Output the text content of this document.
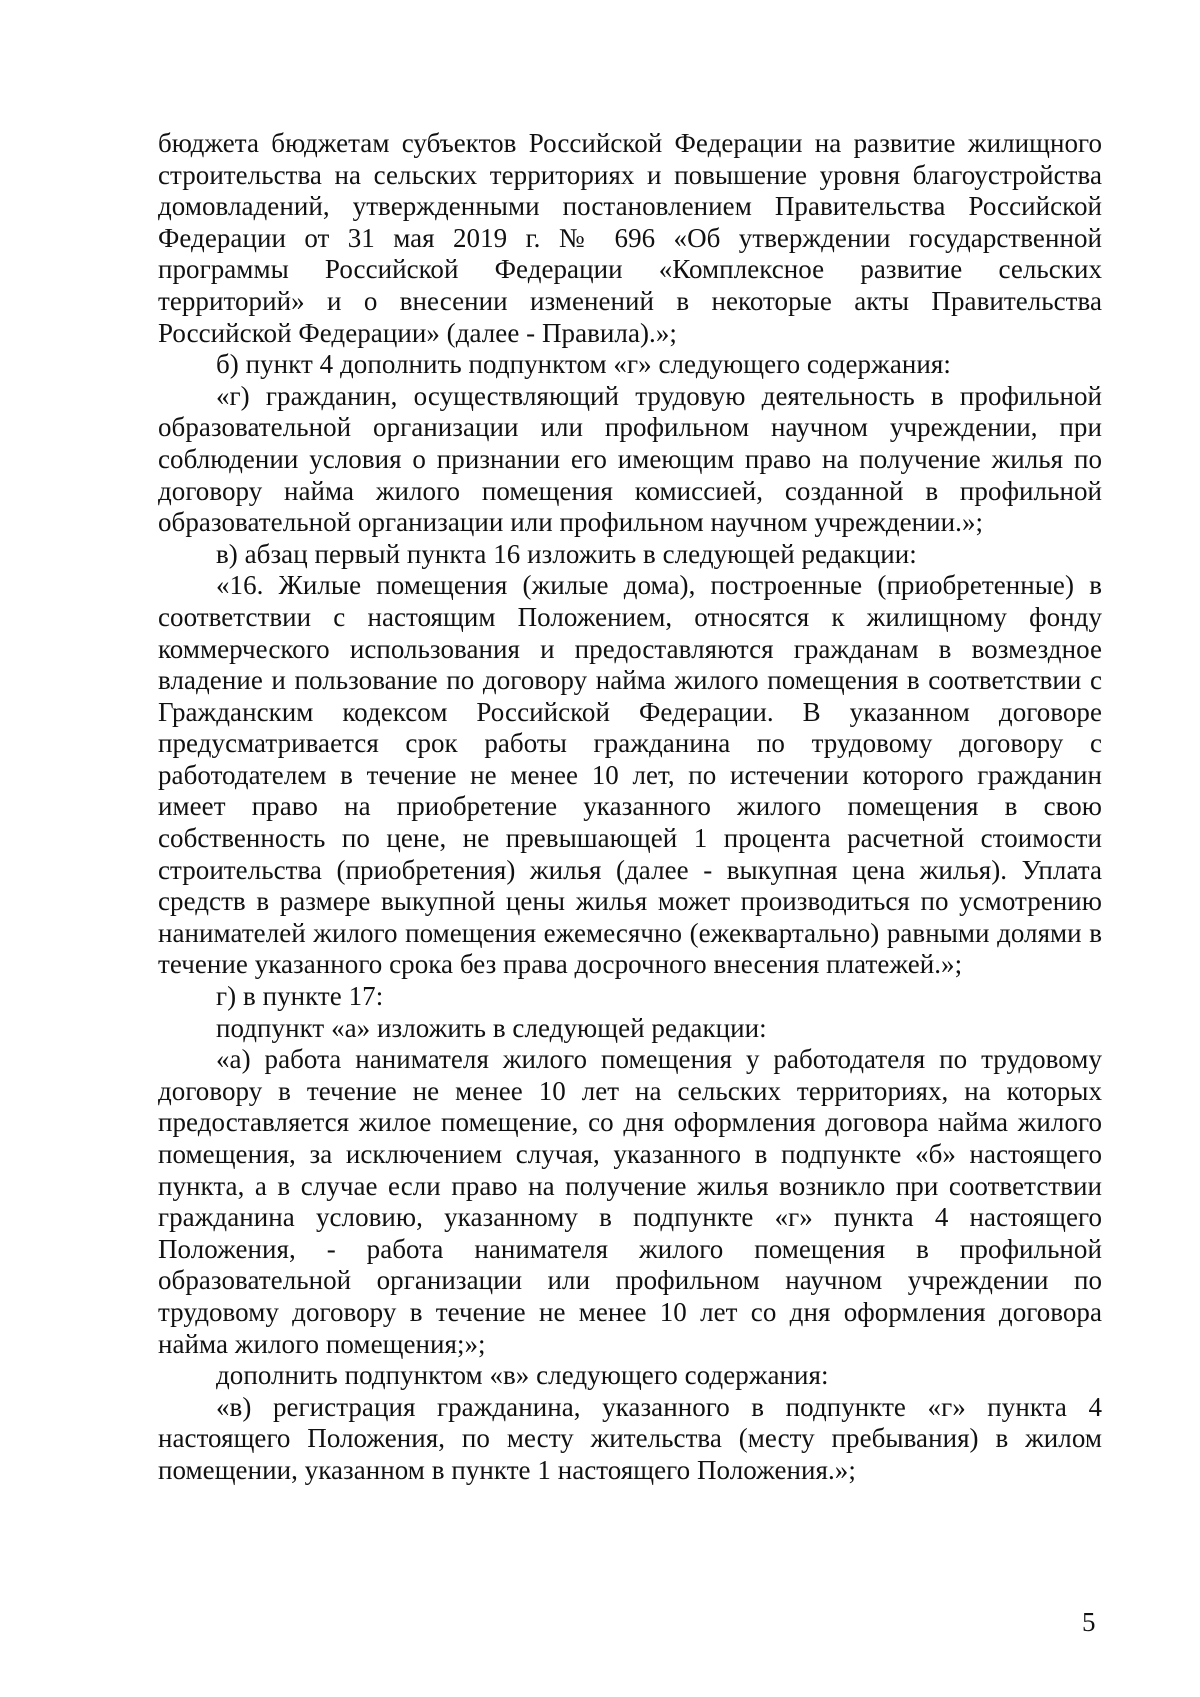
бюджета бюджетам субъектов Российской Федерации на развитие жилищного строительства на сельских территориях и повышение уровня благоустройства домовладений, утвержденными постановлением Правительства Российской Федерации от 31 мая 2019 г. № 696 «Об утверждении государственной программы Российской Федерации «Комплексное развитие сельских территорий» и о внесении изменений в некоторые акты Правительства Российской Федерации» (далее - Правила).»;

б) пункт 4 дополнить подпунктом «г» следующего содержания:

«г) гражданин, осуществляющий трудовую деятельность в профильной образовательной организации или профильном научном учреждении, при соблюдении условия о признании его имеющим право на получение жилья по договору найма жилого помещения комиссией, созданной в профильной образовательной организации или профильном научном учреждении.»;

в) абзац первый пункта 16 изложить в следующей редакции:

«16. Жилые помещения (жилые дома), построенные (приобретенные) в соответствии с настоящим Положением, относятся к жилищному фонду коммерческого использования и предоставляются гражданам в возмездное владение и пользование по договору найма жилого помещения в соответствии с Гражданским кодексом Российской Федерации. В указанном договоре предусматривается срок работы гражданина по трудовому договору с работодателем в течение не менее 10 лет, по истечении которого гражданин имеет право на приобретение указанного жилого помещения в свою собственность по цене, не превышающей 1 процента расчетной стоимости строительства (приобретения) жилья (далее - выкупная цена жилья). Уплата средств в размере выкупной цены жилья может производиться по усмотрению нанимателей жилого помещения ежемесячно (ежеквартально) равными долями в течение указанного срока без права досрочного внесения платежей.»;

г) в пункте 17:

подпункт «а» изложить в следующей редакции:

«а) работа нанимателя жилого помещения у работодателя по трудовому договору в течение не менее 10 лет на сельских территориях, на которых предоставляется жилое помещение, со дня оформления договора найма жилого помещения, за исключением случая, указанного в подпункте «б» настоящего пункта, а в случае если право на получение жилья возникло при соответствии гражданина условию, указанному в подпункте «г» пункта 4 настоящего Положения, - работа нанимателя жилого помещения в профильной образовательной организации или профильном научном учреждении по трудовому договору в течение не менее 10 лет со дня оформления договора найма жилого помещения;»;

дополнить подпунктом «в» следующего содержания:

«в) регистрация гражданина, указанного в подпункте «г» пункта 4 настоящего Положения, по месту жительства (месту пребывания) в жилом помещении, указанном в пункте 1 настоящего Положения.»;

5
